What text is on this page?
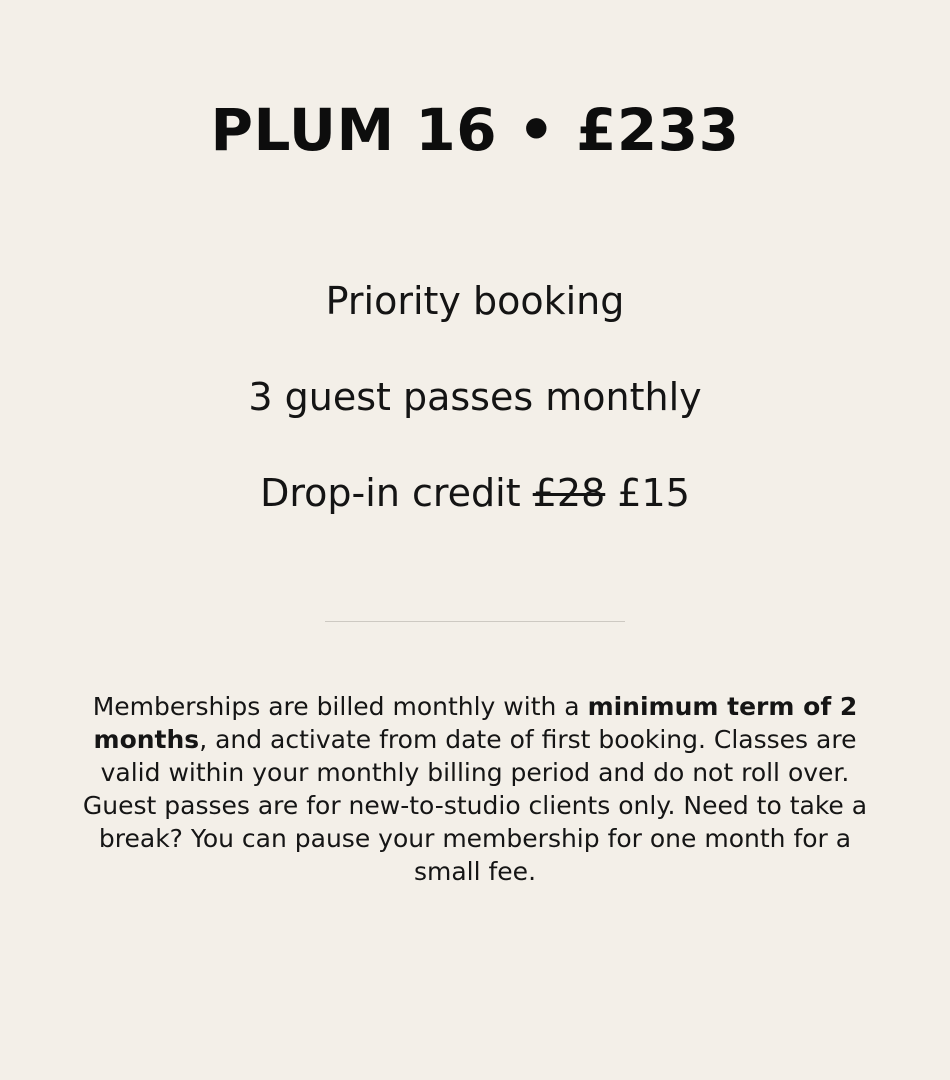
PLUM 16 • £233
Priority booking
3 guest passes monthly
Drop-in credit £28 £15

Memberships are billed monthly with a minimum term of 2 months, and activate from date of first booking. Classes are valid within your monthly billing period and do not roll over. Guest passes are for new-to-studio clients only. Need to take a break? You can pause your membership for one month for a small fee.
